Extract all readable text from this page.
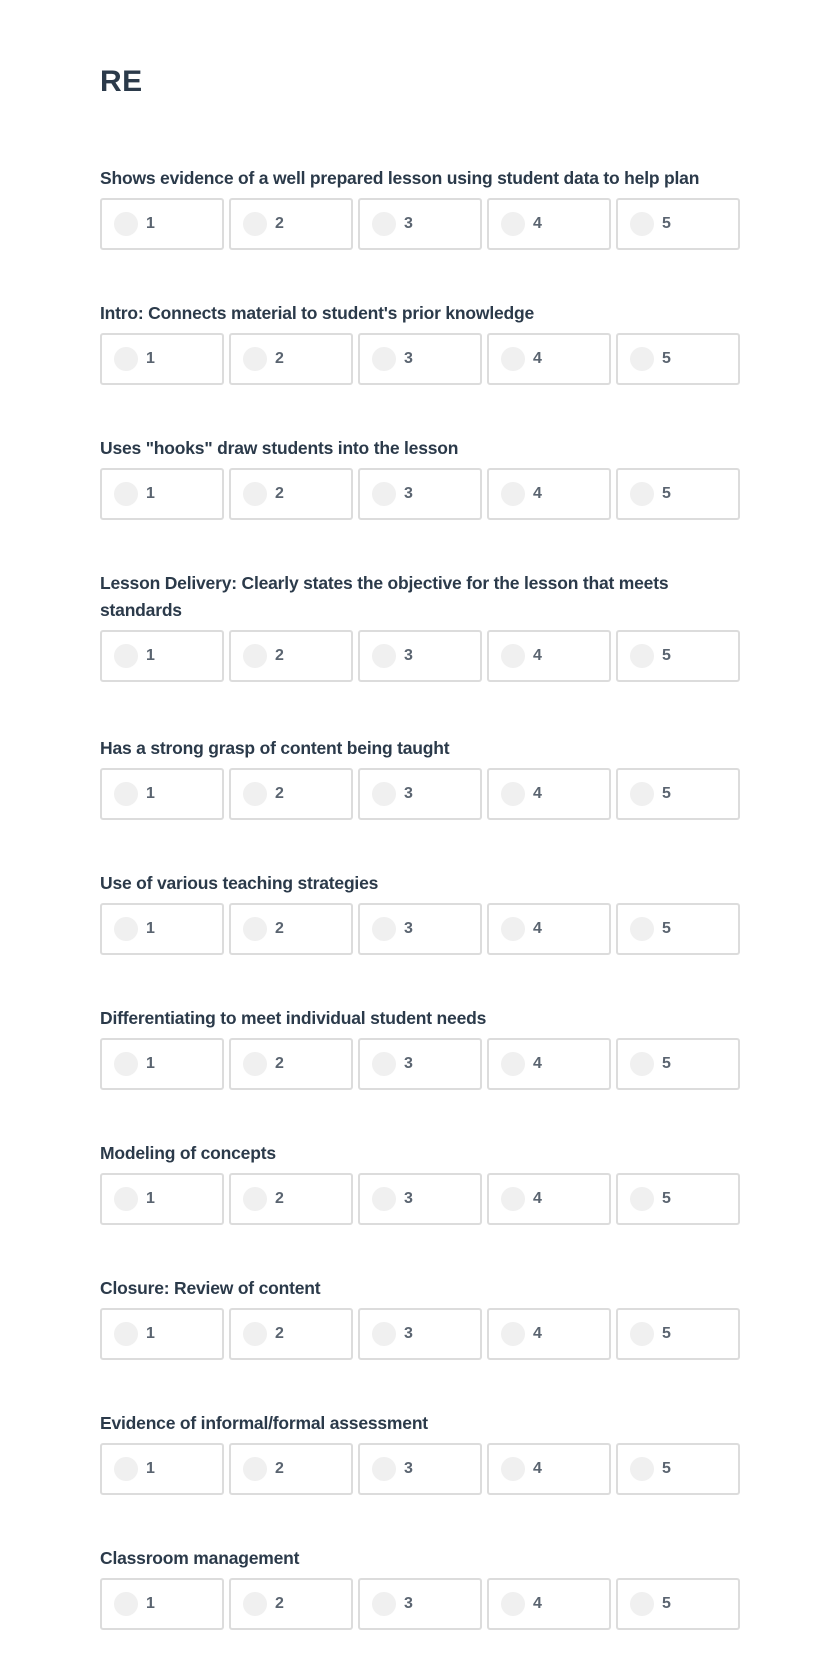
RE

Shows evidence of a well prepared lesson using student data to help plan

1	2	3	4	5

Intro: Connects material to student's prior knowledge

1	2	3	4	5

Uses "hooks" draw students into the lesson

1	2	3	4	5

Lesson Delivery: Clearly states the objective for the lesson that meets standards

1	2	3	4	5

Has a strong grasp of content being taught

1	2	3	4	5

Use of various teaching strategies

1	2	3	4	5

Differentiating to meet individual student needs

1	2	3	4	5

Modeling of concepts

1	2	3	4	5

Closure: Review of content

1	2	3	4	5

Evidence of informal/formal assessment

1	2	3	4	5

Classroom management

1	2	3	4	5
